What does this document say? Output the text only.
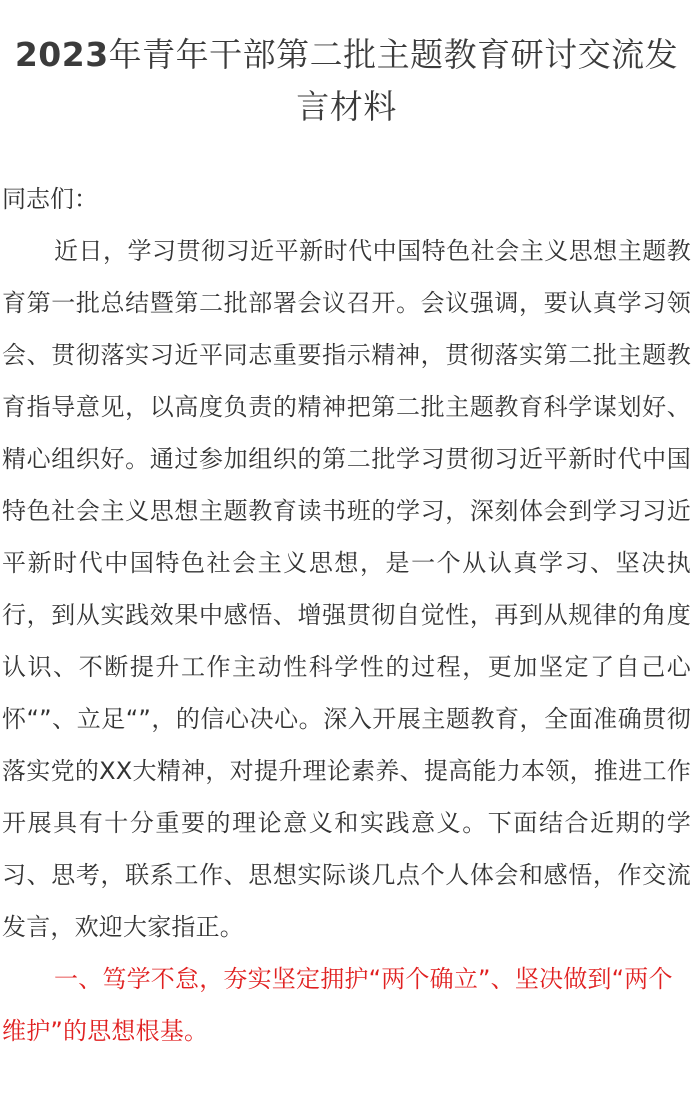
2023年青年干部第二批主题教育研讨交流发言材料

同志们：

近日，学习贯彻习近平新时代中国特色社会主义思想主题教育第一批总结暨第二批部署会议召开。会议强调，要认真学习领会、贯彻落实习近平同志重要指示精神，贯彻落实第二批主题教育指导意见，以高度负责的精神把第二批主题教育科学谋划好、精心组织好。通过参加组织的第二批学习贯彻习近平新时代中国特色社会主义思想主题教育读书班的学习，深刻体会到学习习近平新时代中国特色社会主义思想，是一个从认真学习、坚决执行，到从实践效果中感悟、增强贯彻自觉性，再到从规律的角度认识、不断提升工作主动性科学性的过程，更加坚定了自己心怀“”、立足“”，的信心决心。深入开展主题教育，全面准确贯彻落实党的XX大精神，对提升理论素养、提高能力本领，推进工作开展具有十分重要的理论意义和实践意义。下面结合近期的学习、思考，联系工作、思想实际谈几点个人体会和感悟，作交流发言，欢迎大家指正。

一、笃学不怠，夯实坚定拥护“两个确立”、坚决做到“两个维护”的思想根基。
